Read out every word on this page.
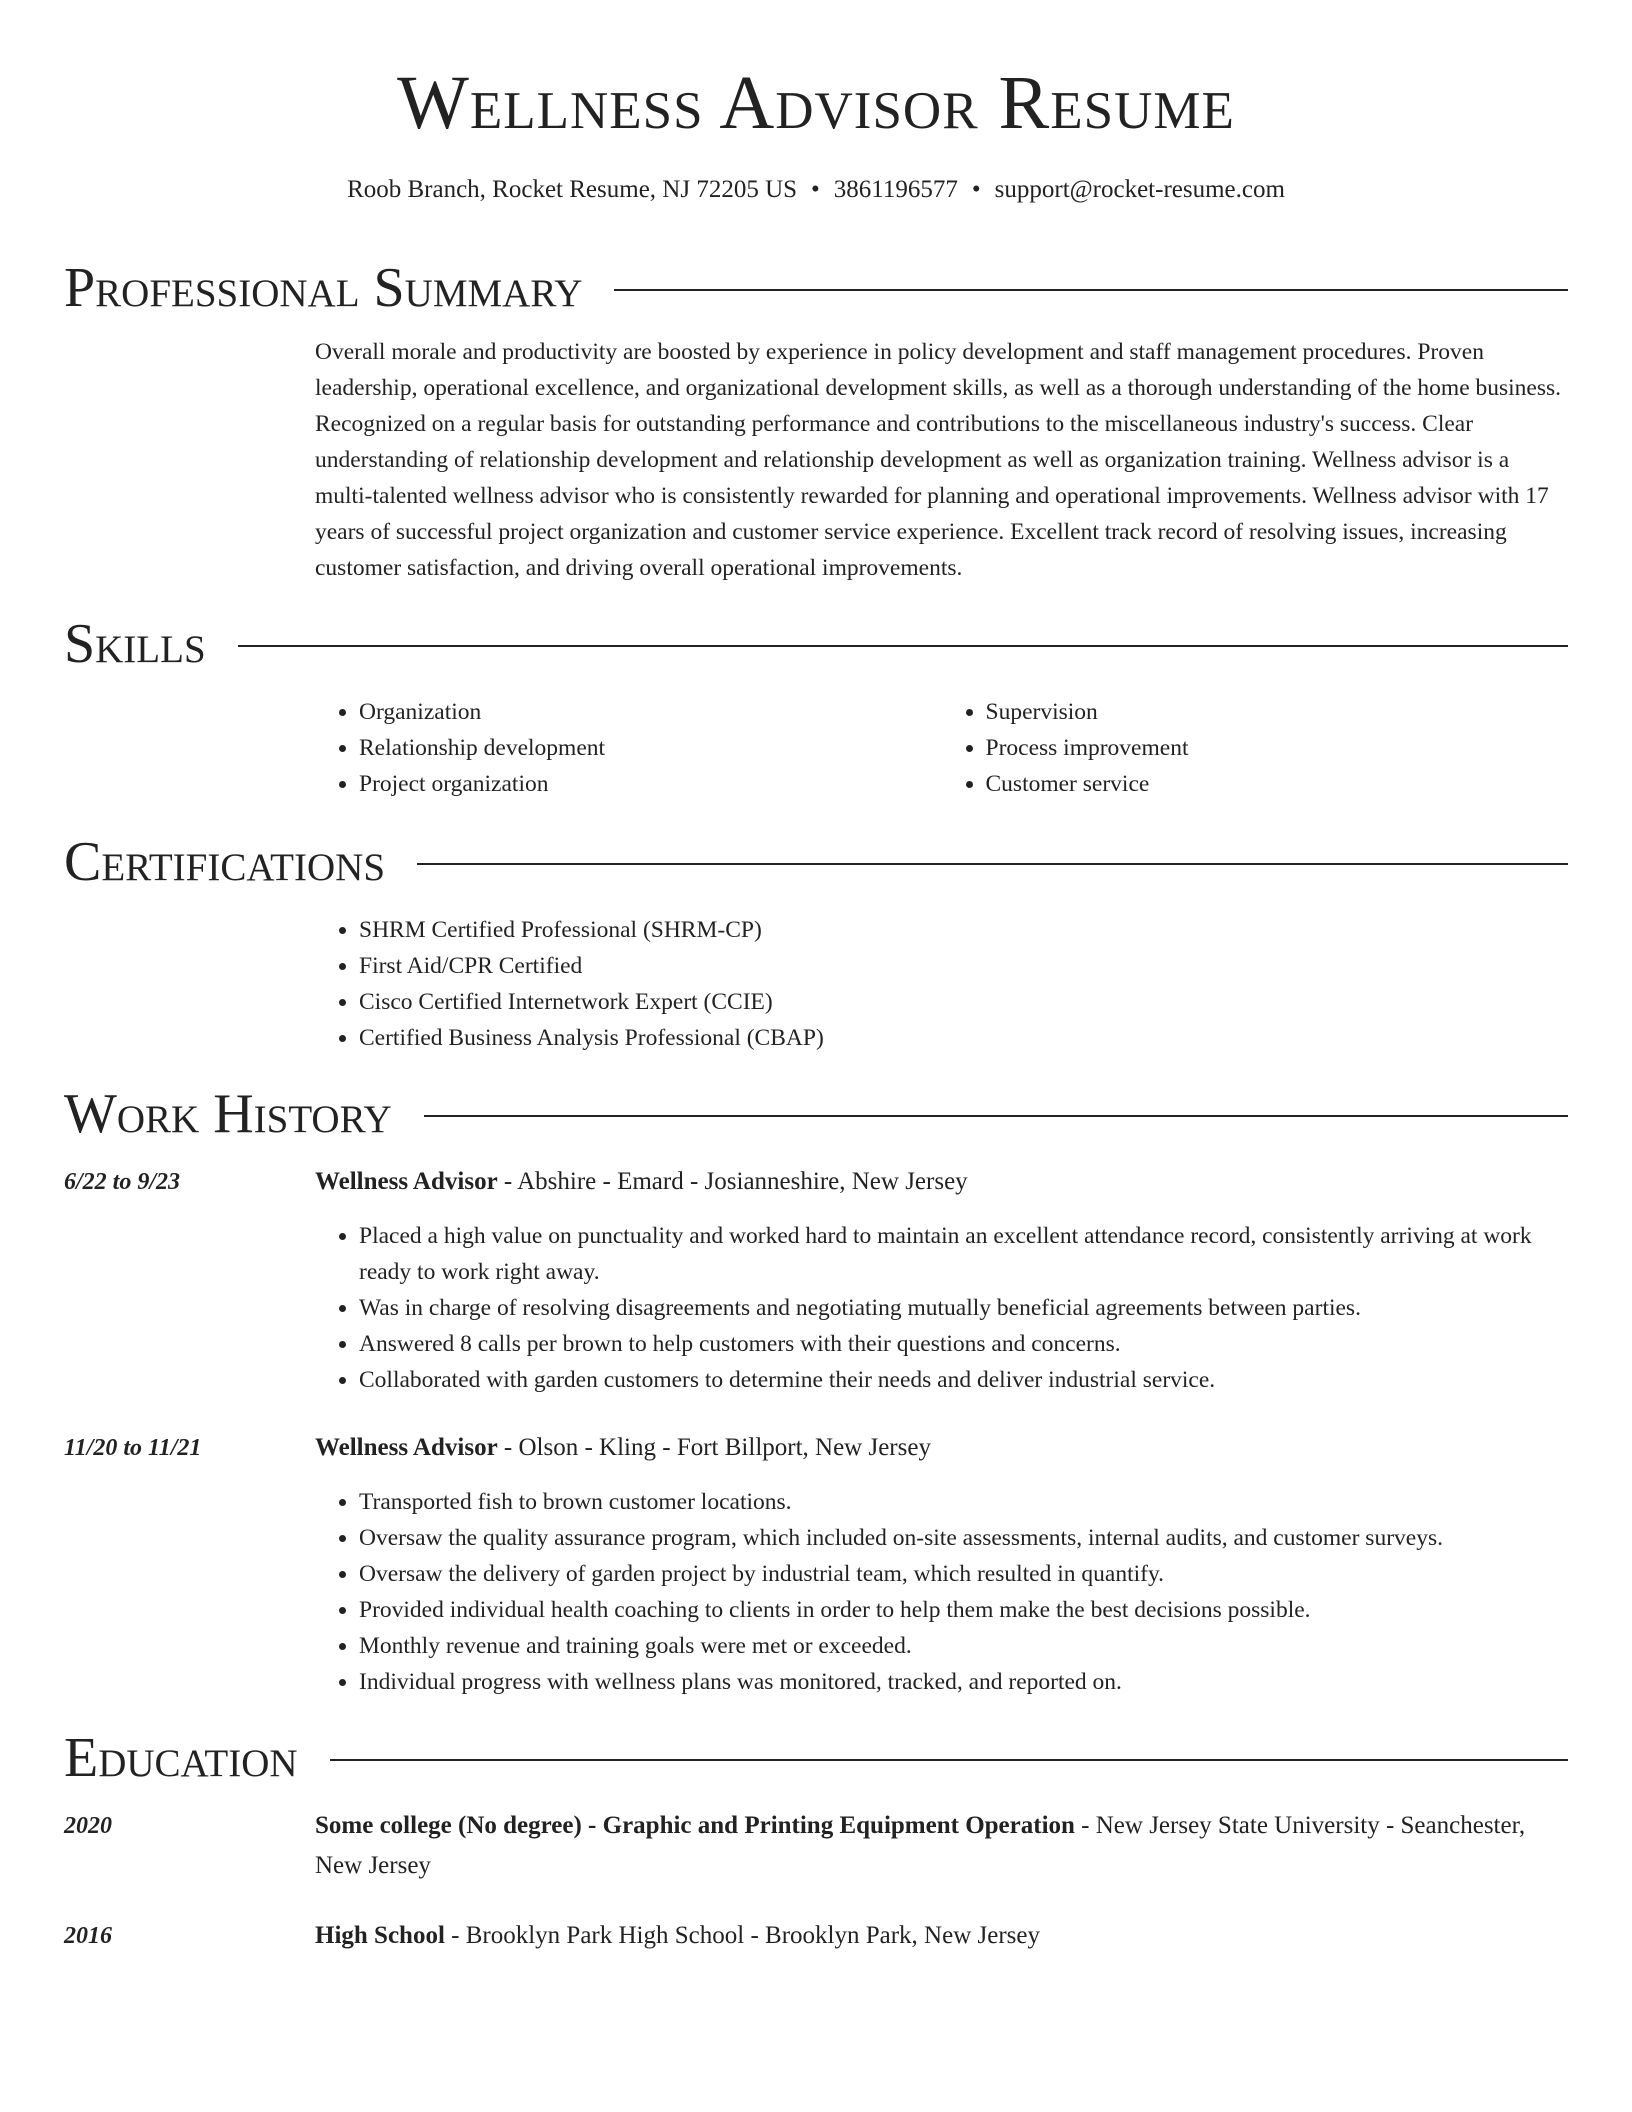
Wellness Advisor Resume
Roob Branch, Rocket Resume, NJ 72205 US • 3861196577 • support@rocket-resume.com
Professional Summary

Overall morale and productivity are boosted by experience in policy development and staff management procedures. Proven leadership, operational excellence, and organizational development skills, as well as a thorough understanding of the home business. Recognized on a regular basis for outstanding performance and contributions to the miscellaneous industry's success. Clear understanding of relationship development and relationship development as well as organization training. Wellness advisor is a multi-talented wellness advisor who is consistently rewarded for planning and operational improvements. Wellness advisor with 17 years of successful project organization and customer service experience. Excellent track record of resolving issues, increasing customer satisfaction, and driving overall operational improvements.

Skills
• Organization
• Relationship development
• Project organization
• Supervision
• Process improvement
• Customer service
Certifications
• SHRM Certified Professional (SHRM-CP)
• First Aid/CPR Certified
• Cisco Certified Internetwork Expert (CCIE)
• Certified Business Analysis Professional (CBAP)
Work History
6/22 to 9/23	Wellness Advisor - Abshire - Emard - Josianneshire, New Jersey

• Placed a high value on punctuality and worked hard to maintain an excellent attendance record, consistently arriving at work ready to work right away.
• Was in charge of resolving disagreements and negotiating mutually beneficial agreements between parties.
• Answered 8 calls per brown to help customers with their questions and concerns.
• Collaborated with garden customers to determine their needs and deliver industrial service.
11/20 to 11/21	Wellness Advisor - Olson - Kling - Fort Billport, New Jersey

• Transported fish to brown customer locations.
• Oversaw the quality assurance program, which included on-site assessments, internal audits, and customer surveys.
• Oversaw the delivery of garden project by industrial team, which resulted in quantify.
• Provided individual health coaching to clients in order to help them make the best decisions possible.
• Monthly revenue and training goals were met or exceeded.
• Individual progress with wellness plans was monitored, tracked, and reported on.
Education
2020	Some college (No degree) - Graphic and Printing Equipment Operation - New Jersey State University - Seanchester, New Jersey

2016	High School - Brooklyn Park High School - Brooklyn Park, New Jersey
